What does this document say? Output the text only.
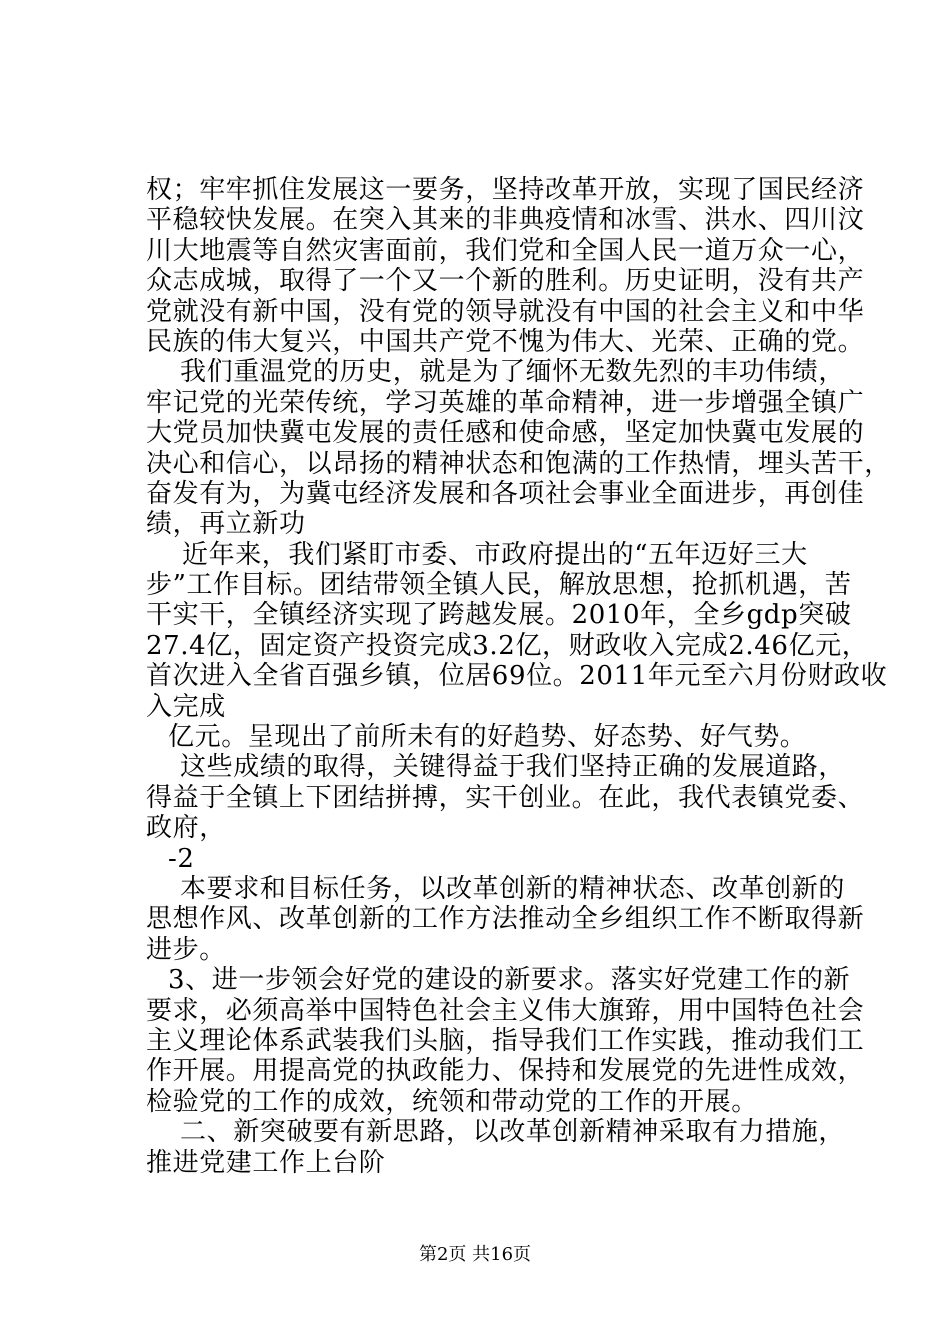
权；牢牢抓住发展这一要务，坚持改革开放，实现了国民经济
平稳较快发展。在突入其来的非典疫情和冰雪、洪水、四川汶
川大地震等自然灾害面前，我们党和全国人民一道万众一心，
众志成城，取得了一个又一个新的胜利。历史证明，没有共产
党就没有新中国，没有党的领导就没有中国的社会主义和中华
民族的伟大复兴，中国共产党不愧为伟大、光荣、正确的党。
我们重温党的历史，就是为了缅怀无数先烈的丰功伟绩，
牢记党的光荣传统，学习英雄的革命精神，进一步增强全镇广
大党员加快冀屯发展的责任感和使命感，坚定加快冀屯发展的
决心和信心，以昂扬的精神状态和饱满的工作热情，埋头苦干，
奋发有为，为冀屯经济发展和各项社会事业全面进步，再创佳
绩，再立新功
近年来，我们紧盯市委、市政府提出的“五年迈好三大
步”工作目标。团结带领全镇人民，解放思想，抢抓机遇，苦
干实干，全镇经济实现了跨越发展。2010年，全乡gdp突破
27.4亿，固定资产投资完成3.2亿，财政收入完成2.46亿元，
首次进入全省百强乡镇，位居69位。2011年元至六月份财政收
入完成
亿元。呈现出了前所未有的好趋势、好态势、好气势。
这些成绩的取得，关键得益于我们坚持正确的发展道路，
得益于全镇上下团结拼搏，实干创业。在此，我代表镇党委、
政府，
-2
本要求和目标任务，以改革创新的精神状态、改革创新的
思想作风、改革创新的工作方法推动全乡组织工作不断取得新
进步。
3、进一步领会好党的建设的新要求。落实好党建工作的新
要求，必须高举中国特色社会主义伟大旗臶，用中国特色社会
主义理论体系武装我们头脑，指导我们工作实践，推动我们工
作开展。用提高党的执政能力、保持和发展党的先进性成效，
检验党的工作的成效，统领和带动党的工作的开展。
二、新突破要有新思路，以改革创新精神采取有力措施，
推进党建工作上台阶
第2页 共16页
